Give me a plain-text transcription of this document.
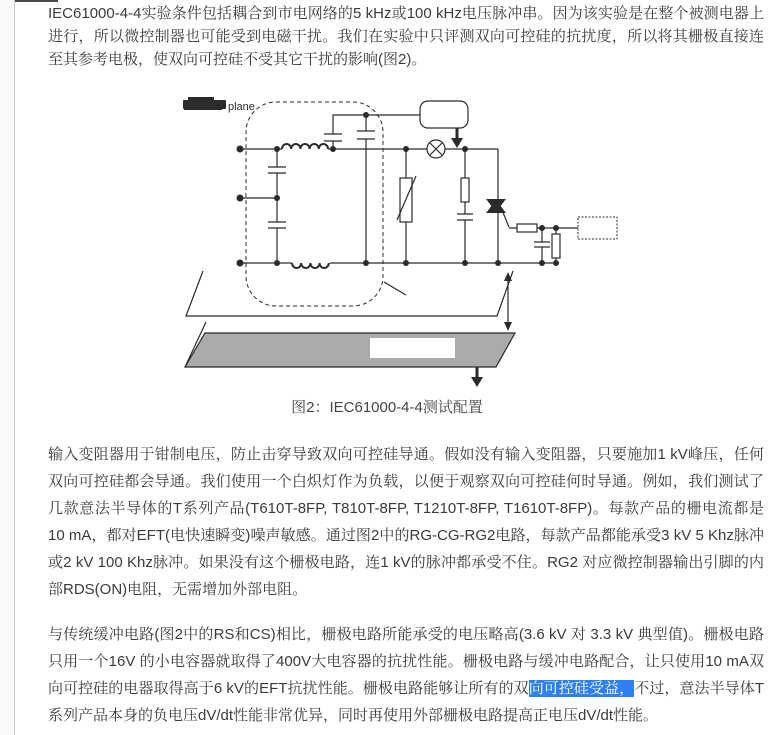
IEC61000-4-4实验条件包括耦合到市电网络的5 kHz或100 kHz电压脉冲串。因为该实验是在整个被测电器上进行，所以微控制器也可能受到电磁干扰。我们在实验中只评测双向可控硅的抗扰度，所以将其栅极直接连至其参考电极，使双向可控硅不受其它干扰的影响(图2)。

plane
图2：IEC61000-4-4测试配置

输入变阻器用于钳制电压，防止击穿导致双向可控硅导通。假如没有输入变阻器，只要施加1 kV峰压，任何双向可控硅都会导通。我们使用一个白炽灯作为负载，以便于观察双向可控硅何时导通。例如，我们测试了几款意法半导体的T系列产品(T610T-8FP, T810T-8FP, T1210T-8FP, T1610T-8FP)。每款产品的栅电流都是10 mA，都对EFT(电快速瞬变)噪声敏感。通过图2中的RG-CG-RG2电路，每款产品都能承受3 kV 5 Khz脉冲或2 kV 100 Khz脉冲。如果没有这个栅极电路，连1 kV的脉冲都承受不住。RG2 对应微控制器输出引脚的内部RDS(ON)电阻，无需增加外部电阻。

与传统缓冲电路(图2中的RS和CS)相比，栅极电路所能承受的电压略高(3.6 kV 对 3.3 kV 典型值)。栅极电路只用一个16V 的小电容器就取得了400V大电容器的抗扰性能。栅极电路与缓冲电路配合，让只使用10 mA双向可控硅的电器取得高于6 kV的EFT抗扰性能。栅极电路能够让所有的双向可控硅受益，不过，意法半导体T系列产品本身的负电压dV/dt性能非常优异，同时再使用外部栅极电路提高正电压dV/dt性能。
